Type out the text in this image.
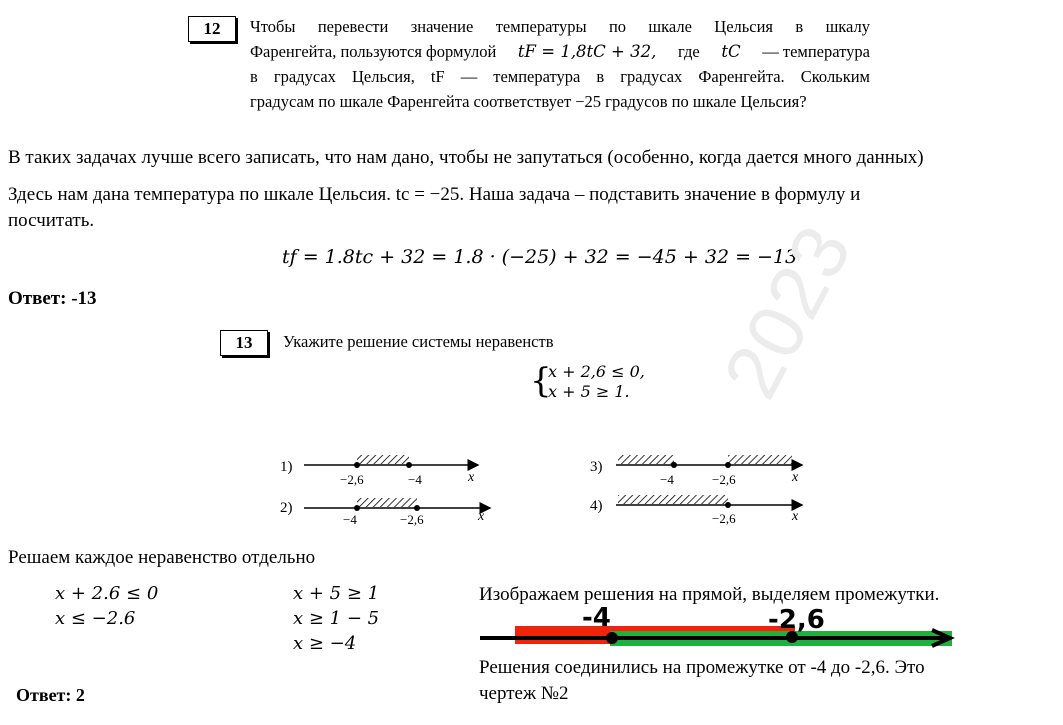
12	Чтобы перевести значение температуры по шкале Цельсия в шкалу
Фаренгейта, пользуются формулой tF = 1,8tC + 32, где tC — температура
в градусах Цельсия, tF — температура в градусах Фаренгейта. Скольким
градусам по шкале Фаренгейта соответствует −25 градусов по шкале Цельсия?
В таких задачах лучше всего записать, что нам дано, чтобы не запутаться (особенно, когда дается много данных)
Здесь нам дана температура по шкале Цельсия. tc = −25. Наша задача – подставить значение в формулу и
посчитать.
tf = 1.8tc + 32 = 1.8 · (−25) + 32 = −45 + 32 = −13
Ответ: -13
13	Укажите решение системы неравенств
{
x + 2,6 ≤ 0,
x + 5 ≥ 1. 2023
1)
−2,6	−4	x
2)
−4	−2,6	x
3)
−4	−2,6	x
4)
−2,6	x
Решаем каждое неравенство отдельно
x + 2.6 ≤ 0
x ≤ −2.6
x + 5 ≥ 1
x ≥ 1 − 5
x ≥ −4
Изображаем решения на прямой, выделяем промежутки.
-4	-2,6
Решения соединились на промежутке от -4 до -2,6. Это
чертеж №2
Ответ: 2
